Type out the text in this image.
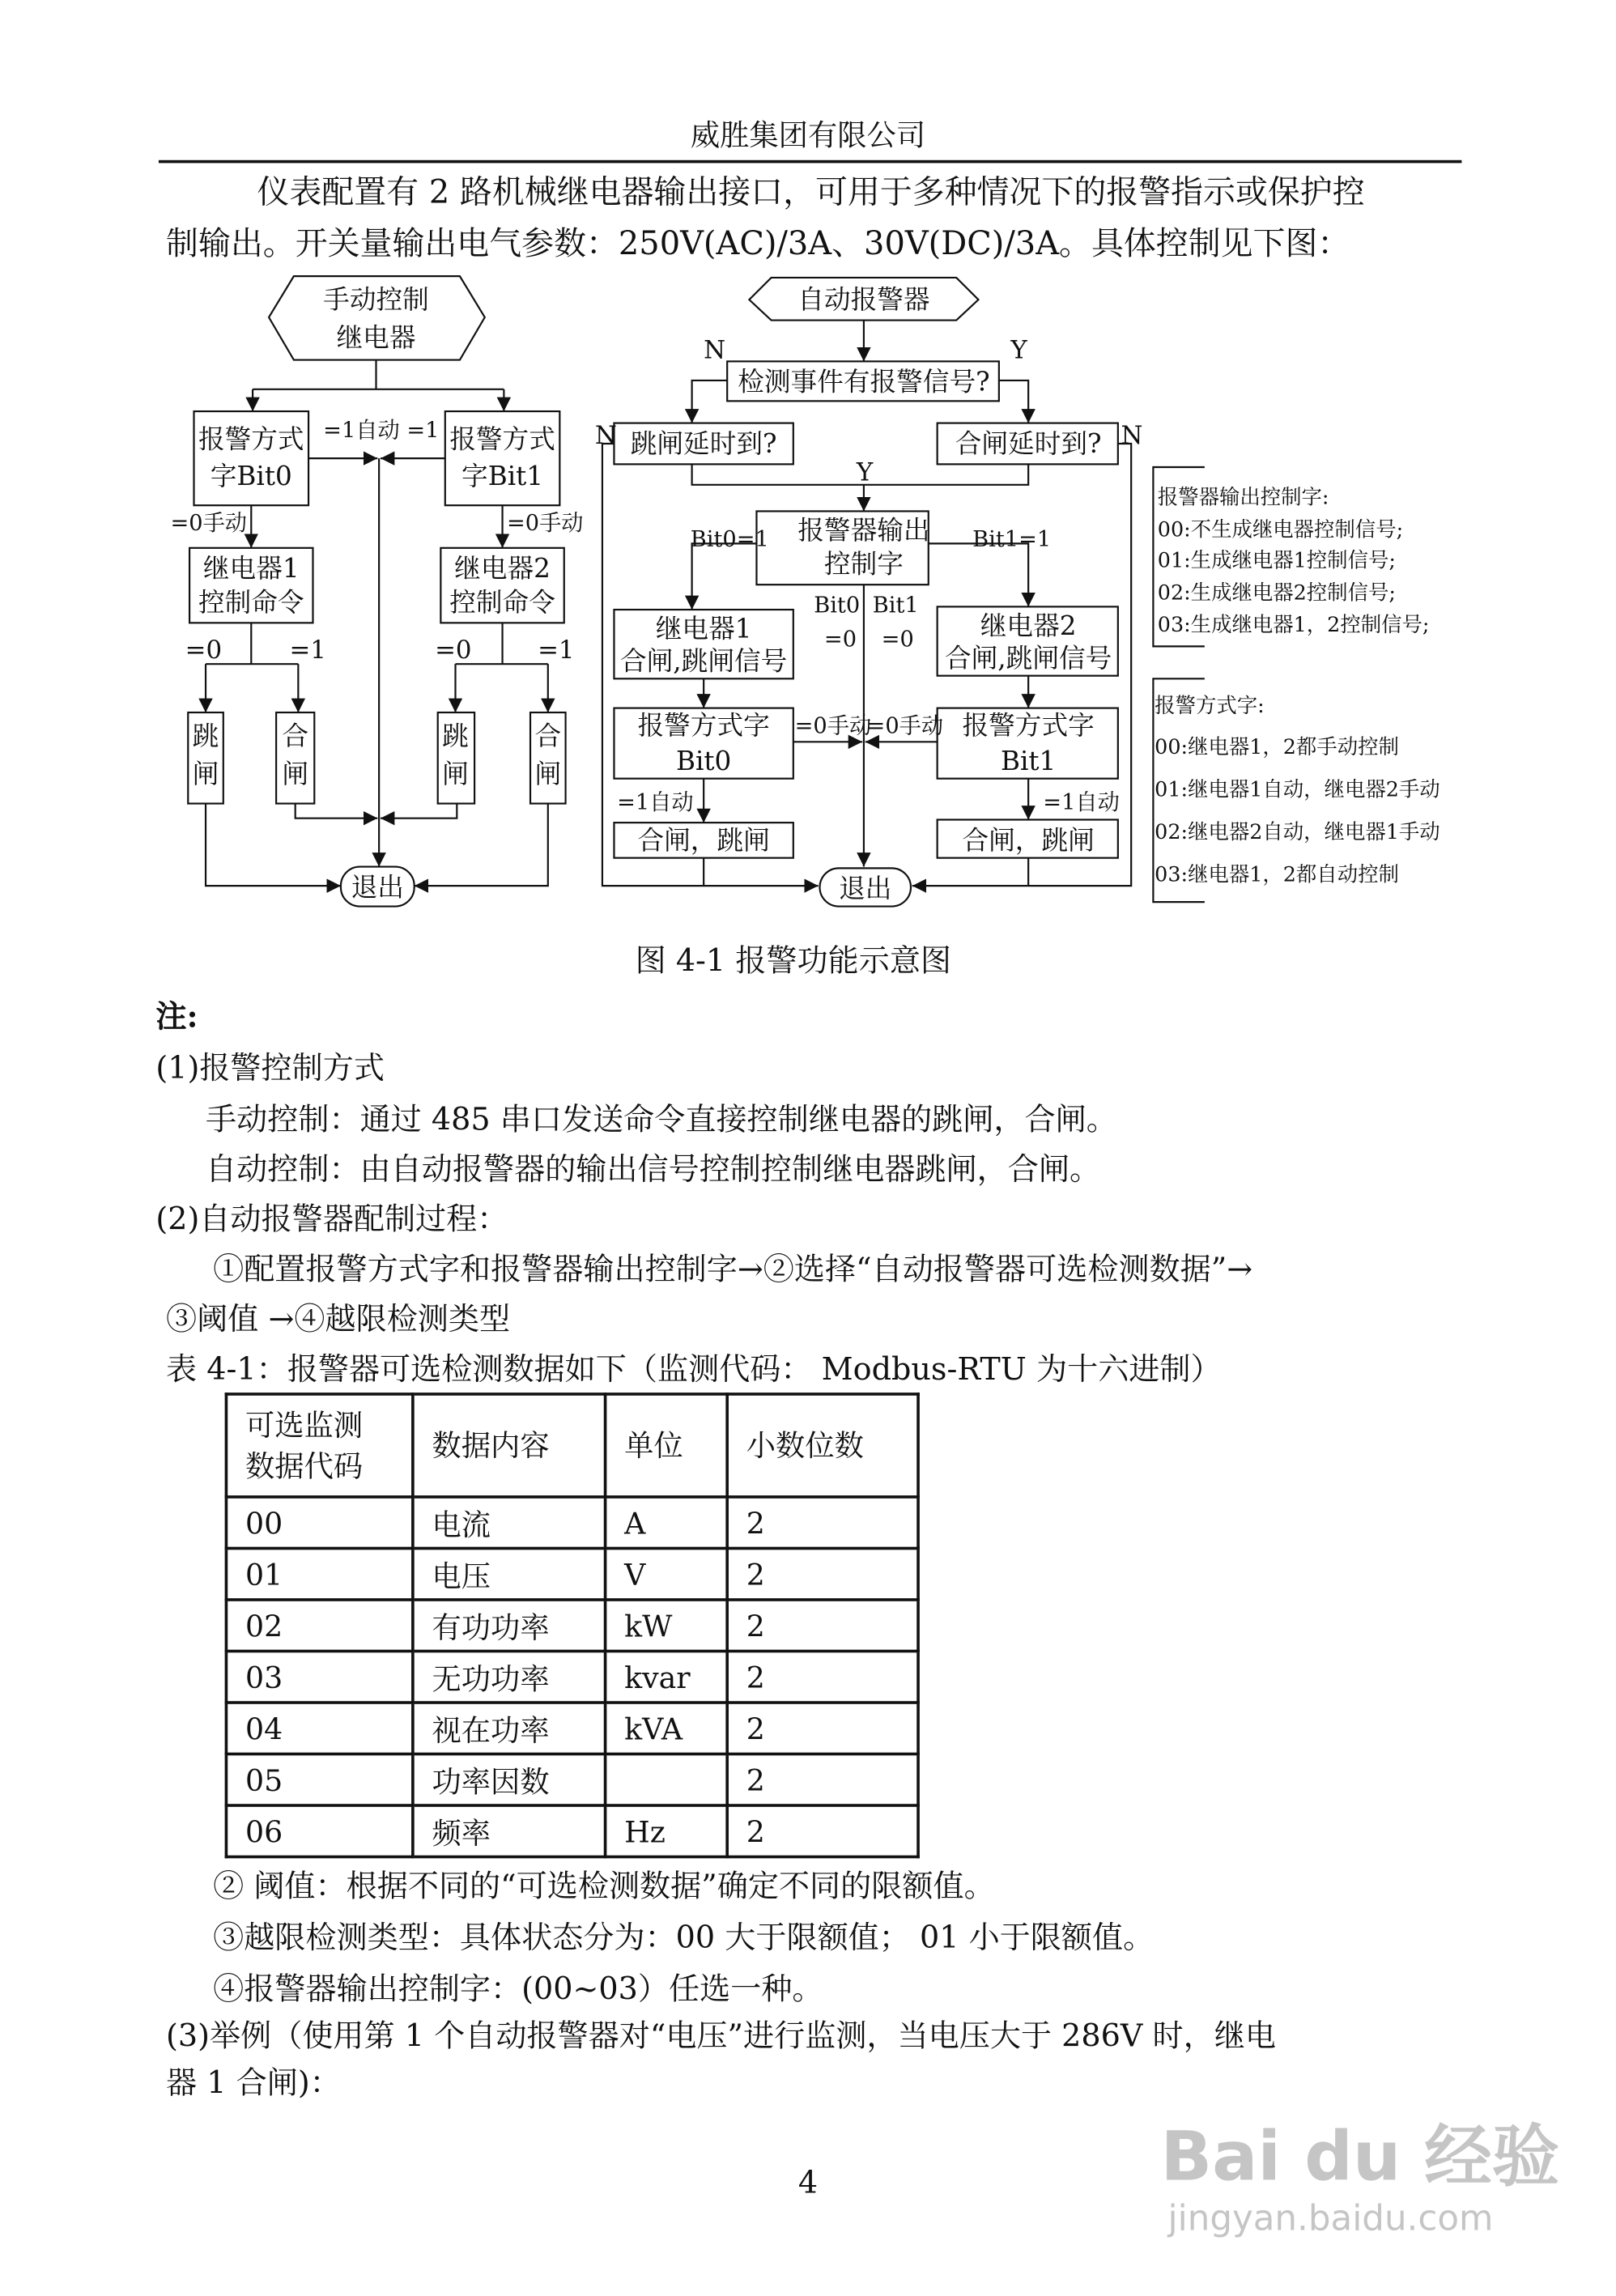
威胜集团有限公司
仪表配置有 2 路机械继电器输出接口，可用于多种情况下的报警指示或保护控
制输出。开关量输出电气参数：250V(AC)/3A、30V(DC)/3A。具体控制见下图：
手动控制
继电器
报警方式
字Bit0
报警方式
字Bit1
继电器1
控制命令
继电器2
控制命令
跳
闸
合
闸
跳
闸
合
闸
退出
自动报警器
检测事件有报警信号?
跳闸延时到?	合闸延时到?
报警器输出
控制字
继电器1
合闸,跳闸信号
继电器2
合闸,跳闸信号
报警方式字
Bit0
报警方式字
Bit1
合闸，跳闸	合闸，跳闸
退出
=1自动 =1
=0手动	=0手动
=0	=1	=0	=1
N	Y
N	N
Y
Bit0=1	Bit1=1
Bit0 Bit1
=0 =0
=0手动
=0手动
=1自动	=1自动
报警器输出控制字:
00:不生成继电器控制信号;
01:生成继电器1控制信号;
02:生成继电器2控制信号;
03:生成继电器1，2控制信号;
报警方式字:
00:继电器1，2都手动控制
01:继电器1自动，继电器2手动
02:继电器2自动，继电器1手动
03:继电器1，2都自动控制
图 4-1 报警功能示意图
注:
(1)报警控制方式
手动控制：通过 485 串口发送命令直接控制继电器的跳闸，合闸。
自动控制：由自动报警器的输出信号控制控制继电器跳闸，合闸。
(2)自动报警器配制过程：
①配置报警方式字和报警器输出控制字→②选择“自动报警器可选检测数据”→
③阈值 →④越限检测类型
表 4-1：报警器可选检测数据如下（监测代码： Modbus-RTU 为十六进制）
可选监测
数据代码	数据内容	单位	小数位数
00	电流	A	2
01	电压	V	2
02	有功功率	kW	2
03	无功功率	kvar	2
04	视在功率	kVA	2
05	功率因数		2
06	频率	Hz	2
② 阈值：根据不同的“可选检测数据”确定不同的限额值。
③越限检测类型：具体状态分为：00 大于限额值； 01 小于限额值。
④报警器输出控制字：(00~03）任选一种。
(3)举例（使用第 1 个自动报警器对“电压”进行监测，当电压大于 286V 时，继电
器 1 合闸)：
4	Bai du 经验
jingyan.baidu.com
